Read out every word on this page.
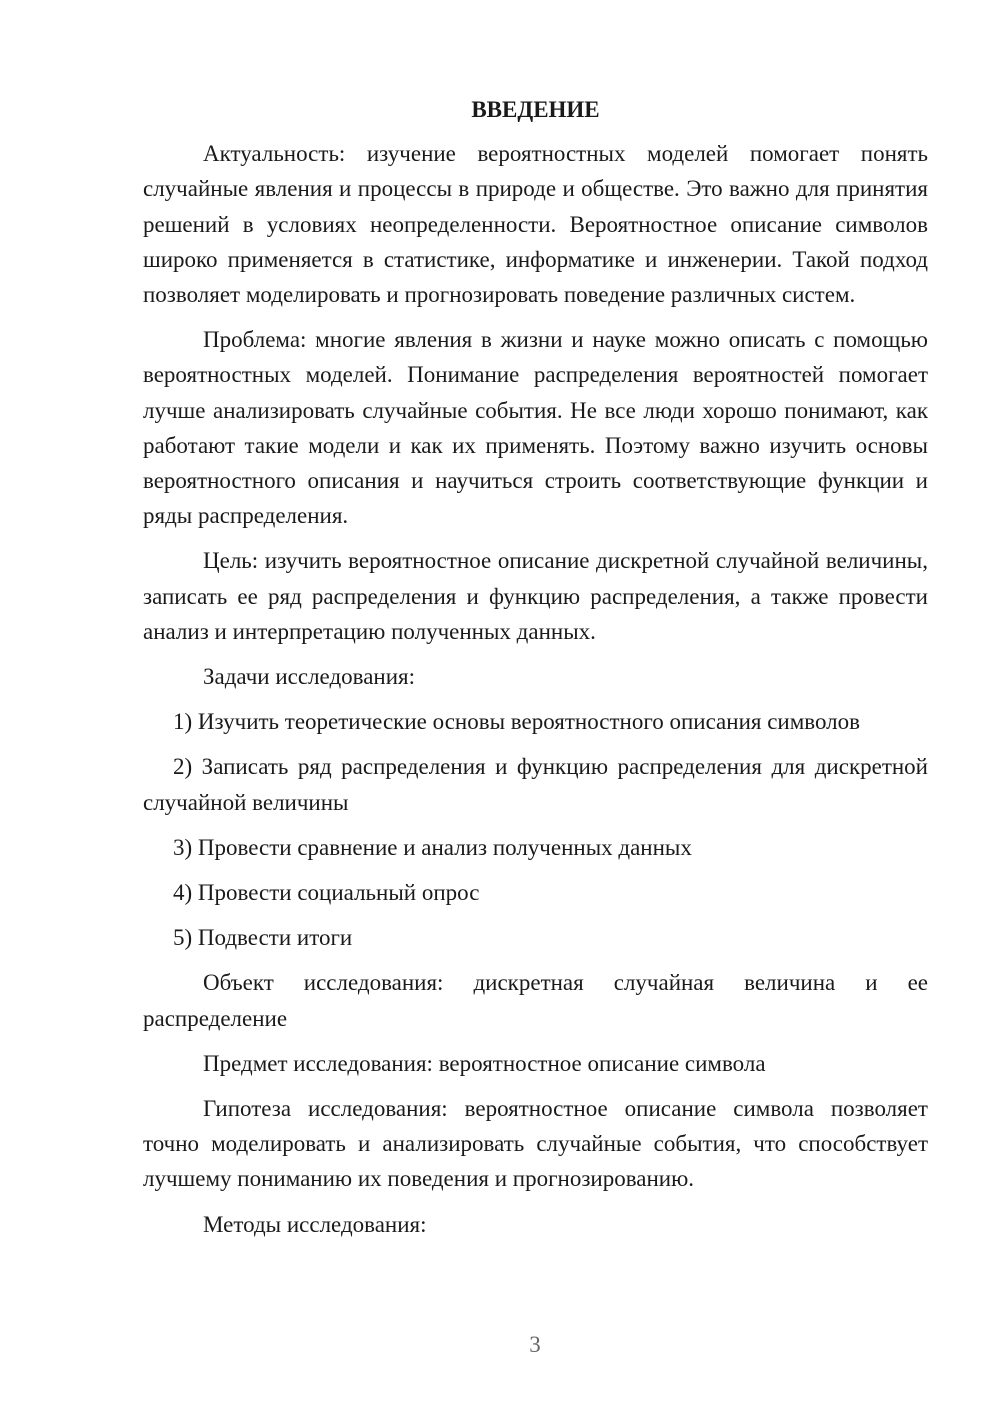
ВВЕДЕНИЕ

Актуальность: изучение вероятностных моделей помогает понять случайные явления и процессы в природе и обществе. Это важно для принятия решений в условиях неопределенности. Вероятностное описание символов широко применяется в статистике, информатике и инженерии. Такой подход позволяет моделировать и прогнозировать поведение различных систем.

Проблема: многие явления в жизни и науке можно описать с помощью вероятностных моделей. Понимание распределения вероятностей помогает лучше анализировать случайные события. Не все люди хорошо понимают, как работают такие модели и как их применять. Поэтому важно изучить основы вероятностного описания и научиться строить соответствующие функции и ряды распределения.

Цель: изучить вероятностное описание дискретной случайной величины, записать ее ряд распределения и функцию распределения, а также провести анализ и интерпретацию полученных данных.

Задачи исследования:

1) Изучить теоретические основы вероятностного описания символов

2) Записать ряд распределения и функцию распределения для дискретной случайной величины

3) Провести сравнение и анализ полученных данных

4) Провести социальный опрос

5) Подвести итоги

Объект исследования: дискретная случайная величина и ее распределение

Предмет исследования: вероятностное описание символа

Гипотеза исследования: вероятностное описание символа позволяет точно моделировать и анализировать случайные события, что способствует лучшему пониманию их поведения и прогнозированию.

Методы исследования:

3
